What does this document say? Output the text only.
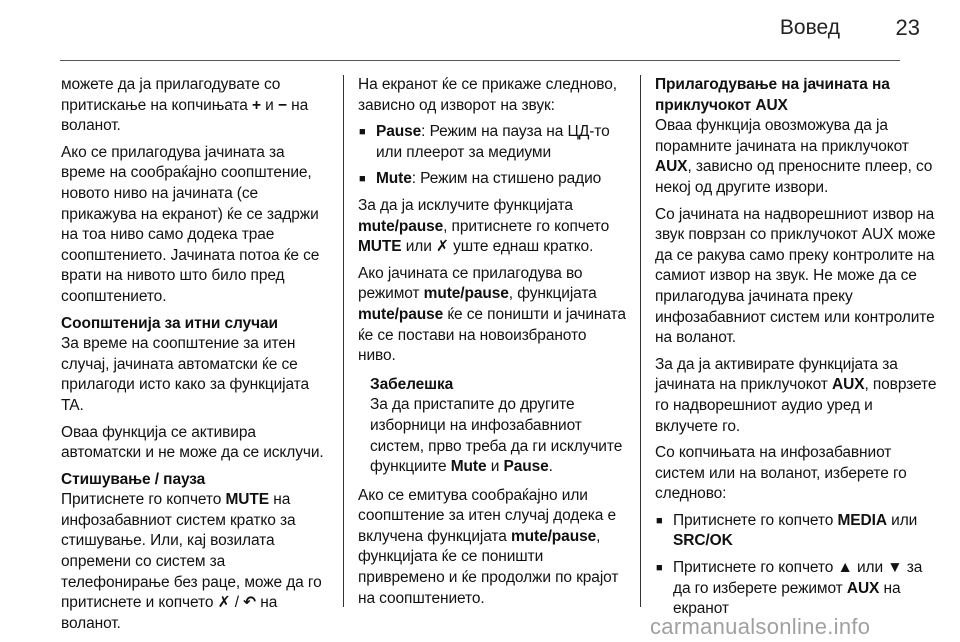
Вовед	23

можете да ја прилагодувате со притискање на копчињата + и − на воланот.

Ако се прилагодува јачината за време на сообраќајно соопштение, новото ниво на јачината (се прикажува на екранот) ќе се задржи на тоа ниво само додека трае соопштението. Јачината потоа ќе се врати на нивото што било пред соопштението.

Соопштенија за итни случаи

За време на соопштение за итен случај, јачината автоматски ќе се прилагоди исто како за функцијата TA.

Оваа функција се активира автоматски и не може да се исклучи.

Стишување / пауза

Притиснете го копчето MUTE на инфозабавниот систем кратко за стишување. Или, кај возилата опремени со систем за телефонирање без раце, може да го притиснете и копчето ✗ / ↶ на воланот.

На екранот ќе се прикаже следново, зависно од изворот на звук:

■ Pause: Режим на пауза на ЦД-то или плеерот за медиуми
■ Mute: Режим на стишено радио

За да ја исклучите функцијата mute/pause, притиснете го копчето MUTE или ✗ уште еднаш кратко.

Ако јачината се прилагодува во режимот mute/pause, функцијата mute/pause ќе се поништи и јачината ќе се постави на новоизбраното ниво.

Забелешка
За да пристапите до другите изборници на инфозабавниот систем, прво треба да ги исклучите функциите Mute и Pause.

Ако се емитува сообраќајно или соопштение за итен случај додека е вклучена функцијата mute/pause, функцијата ќе се поништи привремено и ќе продолжи по крајот на соопштението.

Прилагодување на јачината на приклучокот AUX

Оваа функција овозможува да ја порамните јачината на приклучокот AUX, зависно од преносните плеер, со некој од другите извори.

Со јачината на надворешниот извор на звук поврзан со приклучокот AUX може да се ракува само преку контролите на самиот извор на звук. Не може да се прилагодува јачината преку инфозабавниот систем или контролите на воланот.

За да ја активирате функцијата за јачината на приклучокот AUX, поврзете го надворешниот аудио уред и вклучете го.

Со копчињата на инфозабавниот систем или на воланот, изберете го следново:

■ Притиснете го копчето MEDIA или SRC/OK
■ Притиснете го копчето ▲ или ▼ за да го изберете режимот AUX на екранот
carmanualsonline.info
